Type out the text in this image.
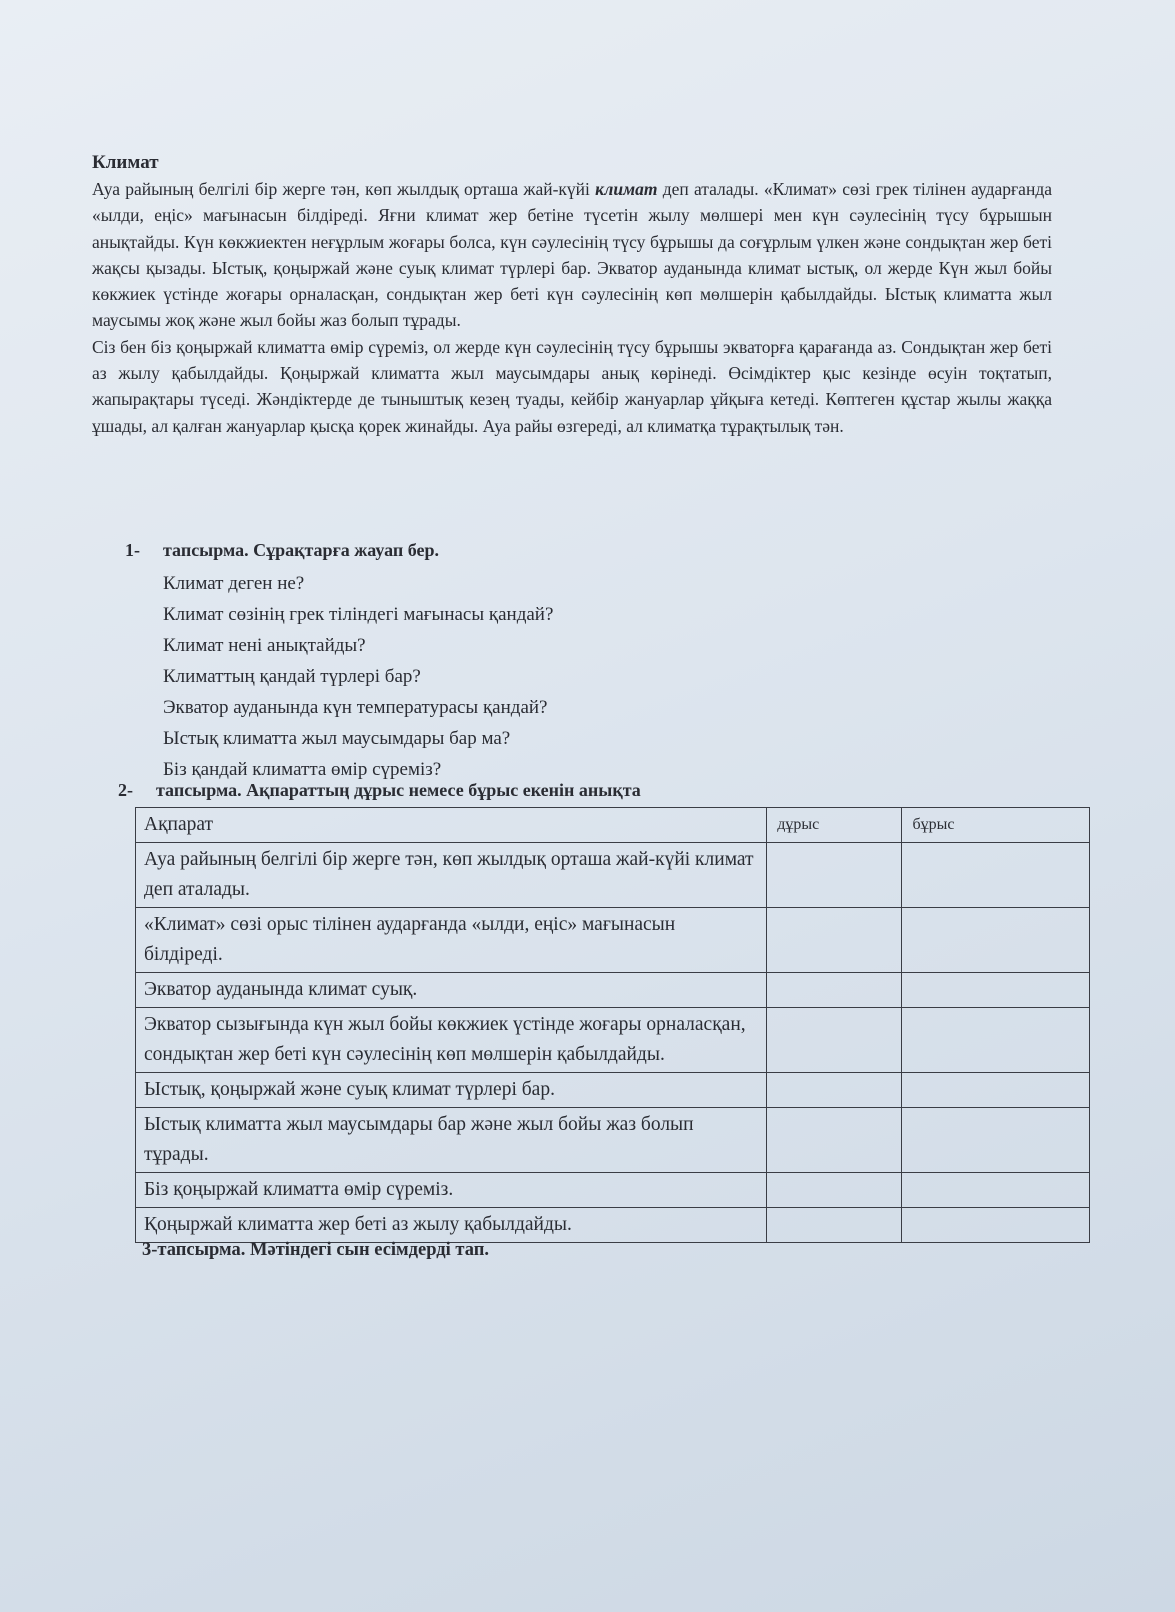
Климат

Ауа райының белгілі бір жерге тән, көп жылдық орташа жай-күйі климат деп аталады. «Климат» сөзі грек тілінен аударғанда «ылди, еңіс» мағынасын білдіреді. Яғни климат жер бетіне түсетін жылу мөлшері мен күн сәулесінің түсу бұрышын анықтайды. Күн көкжиектен неғұрлым жоғары болса, күн сәулесінің түсу бұрышы да соғұрлым үлкен және сондықтан жер беті жақсы қызады. Ыстық, қоңыржай және суық климат түрлері бар. Экватор ауданында климат ыстық, ол жерде Күн жыл бойы көкжиек үстінде жоғары орналасқан, сондықтан жер беті күн сәулесінің көп мөлшерін қабылдайды. Ыстық климатта жыл маусымы жоқ және жыл бойы жаз болып тұрады.

Сіз бен біз қоңыржай климатта өмір сүреміз, ол жерде күн сәулесінің түсу бұрышы экваторға қарағанда аз. Сондықтан жер беті аз жылу қабылдайды. Қоңыржай климатта жыл маусымдары анық көрінеді. Өсімдіктер қыс кезінде өсуін тоқтатып, жапырақтары түседі. Жәндіктерде де тыныштық кезең туады, кейбір жануарлар ұйқыға кетеді. Көптеген құстар жылы жаққа ұшады, ал қалған жануарлар қысқа қорек жинайды. Ауа райы өзгереді, ал климатқа тұрақтылық тән.

1- тапсырма. Сұрақтарға жауап бер.

Климат деген не?
Климат сөзінің грек тіліндегі мағынасы қандай?
Климат нені анықтайды?
Климаттың қандай түрлері бар?
Экватор ауданында күн температурасы қандай?
Ыстық климатта жыл маусымдары бар ма?
Біз қандай климатта өмір сүреміз?

2- тапсырма. Ақпараттың дұрыс немесе бұрыс екенін анықта

Ақпарат	дұрыс	бұрыс
Ауа райының белгілі бір жерге тән, көп жылдық орташа жай-күйі климат деп аталады.		
«Климат» сөзі орыс тілінен аударғанда «ылди, еңіс» мағынасын білдіреді.		
Экватор ауданында климат суық.		
Экватор сызығында күн жыл бойы көкжиек үстінде жоғары орналасқан, сондықтан жер беті күн сәулесінің көп мөлшерін қабылдайды.		
Ыстық, қоңыржай және суық климат түрлері бар.		
Ыстық климатта жыл маусымдары бар және жыл бойы жаз болып тұрады.		
Біз қоңыржай климатта өмір сүреміз.		
Қоңыржай климатта жер беті аз жылу қабылдайды.		
3-тапсырма. Мәтіндегі сын есімдерді тап.
